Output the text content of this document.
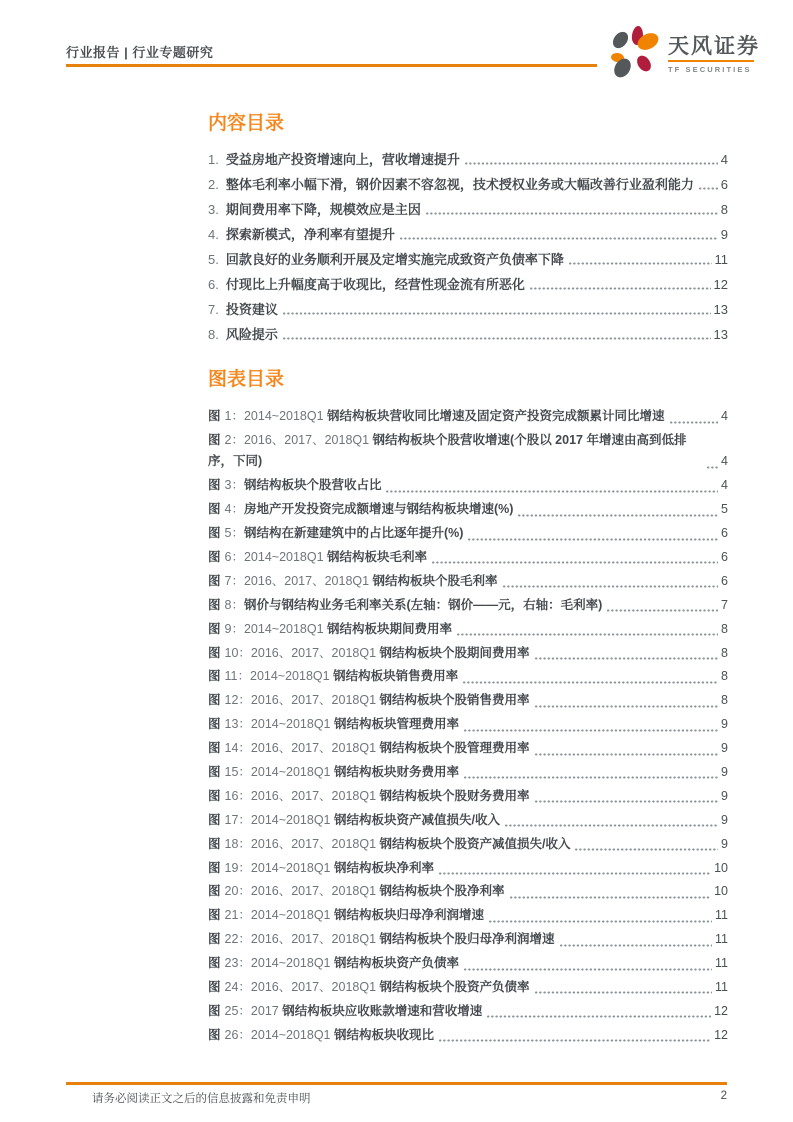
行业报告 | 行业专题研究	天风证券
TF SECURITIES
内容目录
1. 受益房地产投资增速向上，营收增速提升	4
2. 整体毛利率小幅下滑，钢价因素不容忽视，技术授权业务或大幅改善行业盈利能力 6
3. 期间费用率下降，规模效应是主因	8
4. 探索新模式，净利率有望提升	9
5. 回款良好的业务顺利开展及定增实施完成致资产负债率下降	11
6. 付现比上升幅度高于收现比，经营性现金流有所恶化	12
7. 投资建议	13
8. 风险提示	13
图表目录
图 1：2014~2018Q1 钢结构板块营收同比增速及固定资产投资完成额累计同比增速	4
图 2：2016、2017、2018Q1 钢结构板块个股营收增速(个股以 2017 年增速由高到低排序，下同)	4
图 3：钢结构板块个股营收占比	4
图 4：房地产开发投资完成额增速与钢结构板块增速(%)	5
图 5：钢结构在新建建筑中的占比逐年提升(%)	6
图 6：2014~2018Q1 钢结构板块毛利率	6
图 7：2016、2017、2018Q1 钢结构板块个股毛利率	6
图 8：钢价与钢结构业务毛利率关系(左轴：钢价——元，右轴：毛利率)	7
图 9：2014~2018Q1 钢结构板块期间费用率	8
图 10：2016、2017、2018Q1 钢结构板块个股期间费用率	8
图 11：2014~2018Q1 钢结构板块销售费用率	8
图 12：2016、2017、2018Q1 钢结构板块个股销售费用率	8
图 13：2014~2018Q1 钢结构板块管理费用率	9
图 14：2016、2017、2018Q1 钢结构板块个股管理费用率	9
图 15：2014~2018Q1 钢结构板块财务费用率	9
图 16：2016、2017、2018Q1 钢结构板块个股财务费用率	9
图 17：2014~2018Q1 钢结构板块资产减值损失/收入	9
图 18：2016、2017、2018Q1 钢结构板块个股资产减值损失/收入	9
图 19：2014~2018Q1 钢结构板块净利率	10
图 20：2016、2017、2018Q1 钢结构板块个股净利率	10
图 21：2014~2018Q1 钢结构板块归母净利润增速	11
图 22：2016、2017、2018Q1 钢结构板块个股归母净利润增速	11
图 23：2014~2018Q1 钢结构板块资产负债率	11
图 24：2016、2017、2018Q1 钢结构板块个股资产负债率	11
图 25：2017 钢结构板块应收账款增速和营收增速	12
图 26：2014~2018Q1 钢结构板块收现比	12
请务必阅读正文之后的信息披露和免责申明	2
